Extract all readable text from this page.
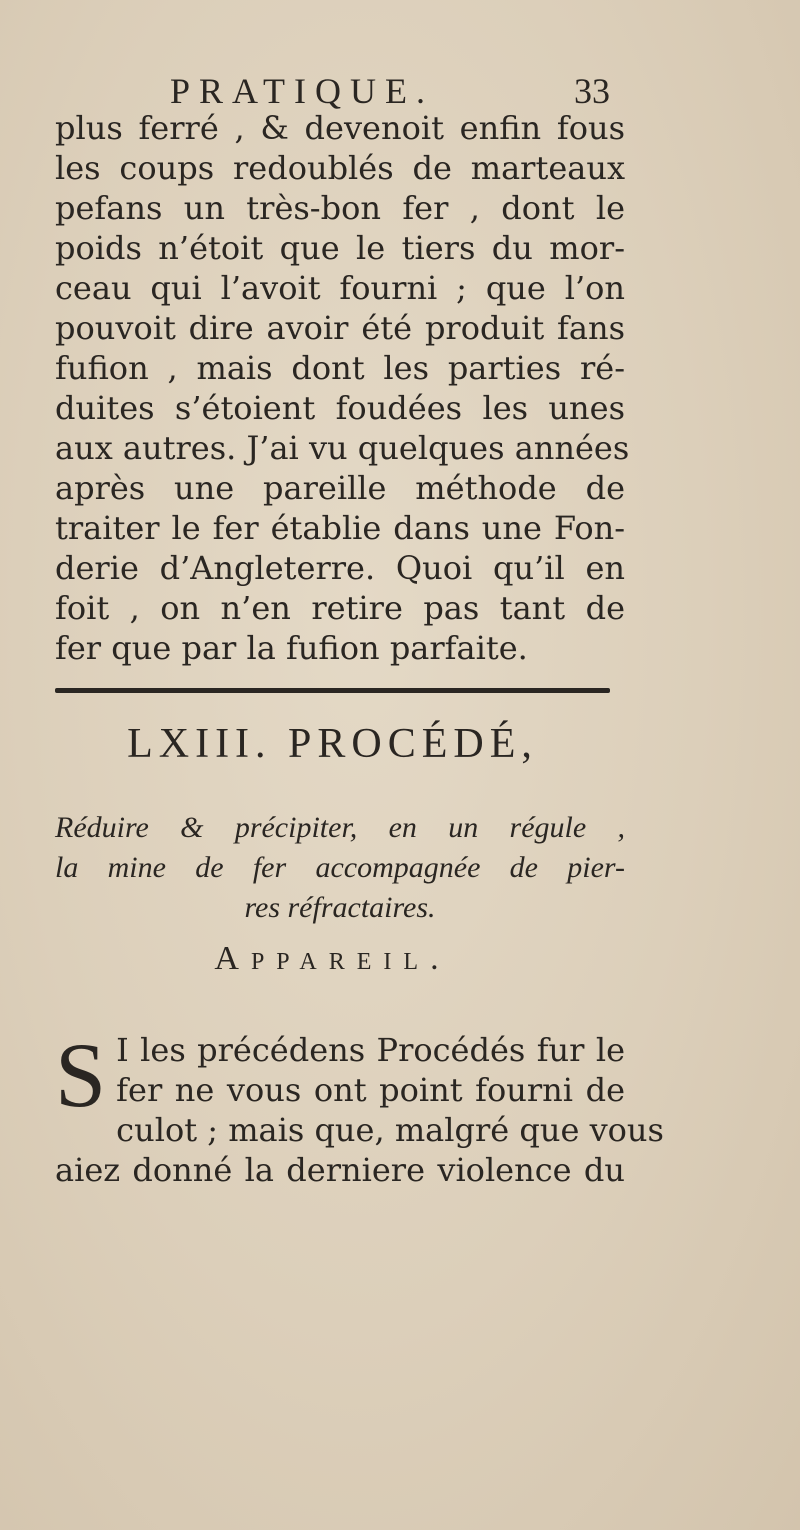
PRATIQUE.	33
plus ferré , & devenoit enfin fous
les coups redoublés de marteaux
pefans un très-bon fer , dont le
poids n’étoit que le tiers du mor-
ceau qui l’avoit fourni ; que l’on
pouvoit dire avoir été produit fans
fufion , mais dont les parties ré-
duites s’étoient foudées les unes
aux autres. J’ai vu quelques années
après une pareille méthode de
traiter le fer établie dans une Fon-
derie d’Angleterre. Quoi qu’il en
foit , on n’en retire pas tant de
fer que par la fufion parfaite.
LXIII. PROCÉDÉ,
Réduire & précipiter, en un régule ,
la mine de fer accompagnée de pier-
res réfractaires.
Appareil.
S I les précédens Procédés fur le
fer ne vous ont point fourni de
culot ; mais que, malgré que vous
aiez donné la derniere violence du
